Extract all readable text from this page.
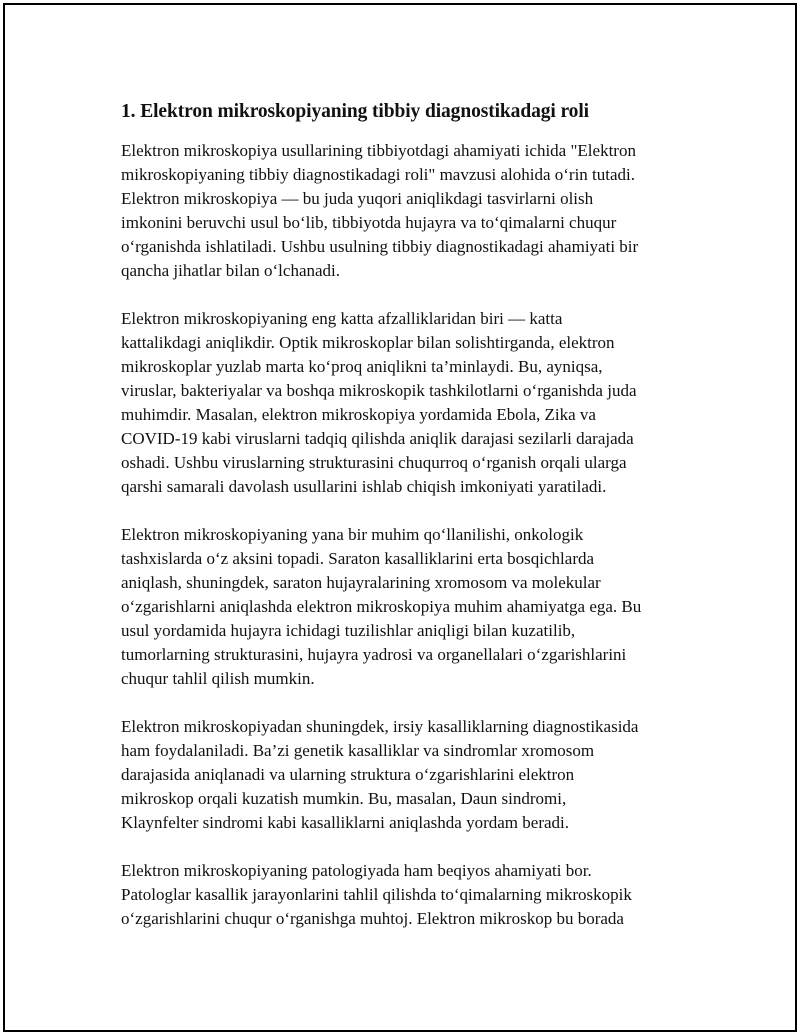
1. Elektron mikroskopiyaning tibbiy diagnostikadagi roli

Elektron mikroskopiya usullarining tibbiyotdagi ahamiyati ichida "Elektron
mikroskopiyaning tibbiy diagnostikadagi roli" mavzusi alohida o‘rin tutadi.
Elektron mikroskopiya — bu juda yuqori aniqlikdagi tasvirlarni olish
imkonini beruvchi usul bo‘lib, tibbiyotda hujayra va to‘qimalarni chuqur
o‘rganishda ishlatiladi. Ushbu usulning tibbiy diagnostikadagi ahamiyati bir
qancha jihatlar bilan o‘lchanadi.

Elektron mikroskopiyaning eng katta afzalliklaridan biri — katta
kattalikdagi aniqlikdir. Optik mikroskoplar bilan solishtirganda, elektron
mikroskoplar yuzlab marta ko‘proq aniqlikni ta’minlaydi. Bu, ayniqsa,
viruslar, bakteriyalar va boshqa mikroskopik tashkilotlarni o‘rganishda juda
muhimdir. Masalan, elektron mikroskopiya yordamida Ebola, Zika va
COVID-19 kabi viruslarni tadqiq qilishda aniqlik darajasi sezilarli darajada
oshadi. Ushbu viruslarning strukturasini chuqurroq o‘rganish orqali ularga
qarshi samarali davolash usullarini ishlab chiqish imkoniyati yaratiladi.

Elektron mikroskopiyaning yana bir muhim qo‘llanilishi, onkologik
tashxislarda o‘z aksini topadi. Saraton kasalliklarini erta bosqichlarda
aniqlash, shuningdek, saraton hujayralarining xromosom va molekular
o‘zgarishlarni aniqlashda elektron mikroskopiya muhim ahamiyatga ega. Bu
usul yordamida hujayra ichidagi tuzilishlar aniqligi bilan kuzatilib,
tumorlarning strukturasini, hujayra yadrosi va organellalari o‘zgarishlarini
chuqur tahlil qilish mumkin.

Elektron mikroskopiyadan shuningdek, irsiy kasalliklarning diagnostikasida
ham foydalaniladi. Ba’zi genetik kasalliklar va sindromlar xromosom
darajasida aniqlanadi va ularning struktura o‘zgarishlarini elektron
mikroskop orqali kuzatish mumkin. Bu, masalan, Daun sindromi,
Klaynfelter sindromi kabi kasalliklarni aniqlashda yordam beradi.

Elektron mikroskopiyaning patologiyada ham beqiyos ahamiyati bor.
Patologlar kasallik jarayonlarini tahlil qilishda to‘qimalarning mikroskopik
o‘zgarishlarini chuqur o‘rganishga muhtoj. Elektron mikroskop bu borada
